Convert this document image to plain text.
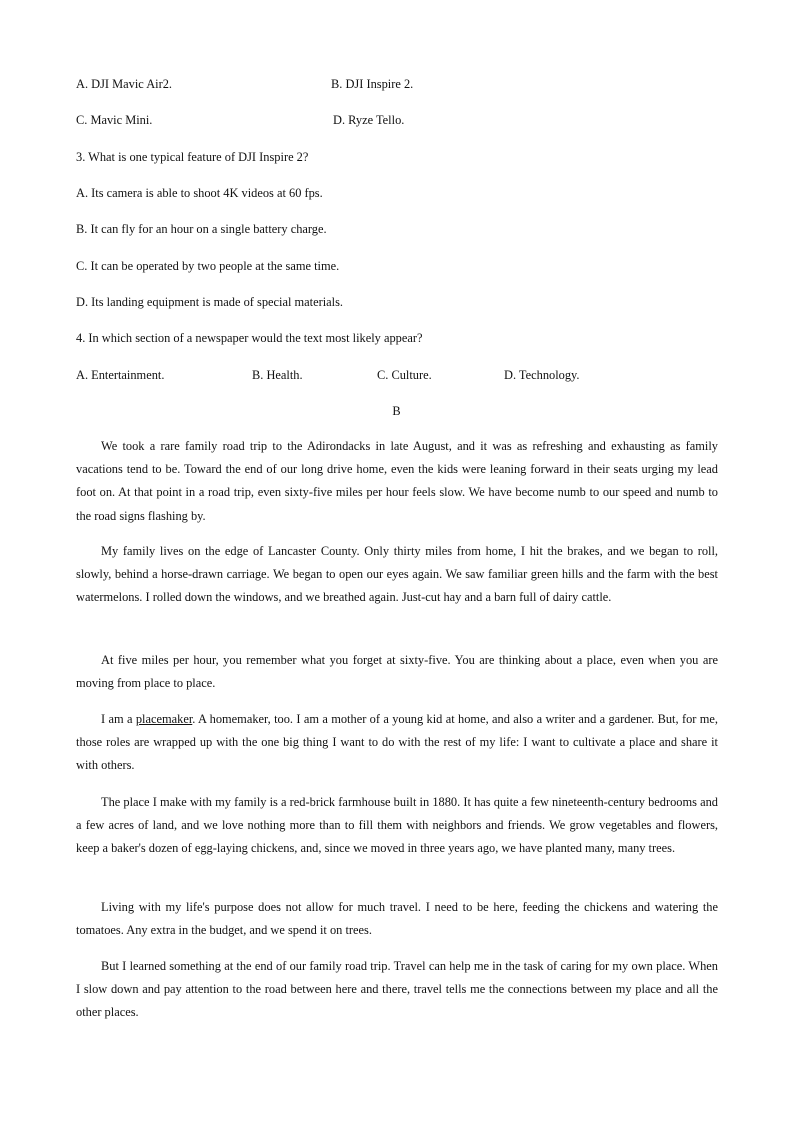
A. DJI Mavic Air2.	B. DJI Inspire 2.
C. Mavic Mini.	D. Ryze Tello.
3. What is one typical feature of DJI Inspire 2?
A. Its camera is able to shoot 4K videos at 60 fps.
B. It can fly for an hour on a single battery charge.
C. It can be operated by two people at the same time.
D. Its landing equipment is made of special materials.
4. In which section of a newspaper would the text most likely appear?
A. Entertainment.	B. Health.	C. Culture.	D. Technology.
B
We took a rare family road trip to the Adirondacks in late August, and it was as refreshing and exhausting as family vacations tend to be. Toward the end of our long drive home, even the kids were leaning forward in their seats urging my lead foot on. At that point in a road trip, even sixty-five miles per hour feels slow. We have become numb to our speed and numb to the road signs flashing by.
My family lives on the edge of Lancaster County. Only thirty miles from home, I hit the brakes, and we began to roll, slowly, behind a horse-drawn carriage. We began to open our eyes again. We saw familiar green hills and the farm with the best watermelons. I rolled down the windows, and we breathed again. Just-cut hay and a barn full of dairy cattle.
At five miles per hour, you remember what you forget at sixty-five. You are thinking about a place, even when you are moving from place to place.
I am a placemaker. A homemaker, too. I am a mother of a young kid at home, and also a writer and a gardener. But, for me, those roles are wrapped up with the one big thing I want to do with the rest of my life: I want to cultivate a place and share it with others.
The place I make with my family is a red-brick farmhouse built in 1880. It has quite a few nineteenth-century bedrooms and a few acres of land, and we love nothing more than to fill them with neighbors and friends. We grow vegetables and flowers, keep a baker's dozen of egg-laying chickens, and, since we moved in three years ago, we have planted many, many trees.
Living with my life's purpose does not allow for much travel. I need to be here, feeding the chickens and watering the tomatoes. Any extra in the budget, and we spend it on trees.
But I learned something at the end of our family road trip. Travel can help me in the task of caring for my own place. When I slow down and pay attention to the road between here and there, travel tells me the connections between my place and all the other places.
